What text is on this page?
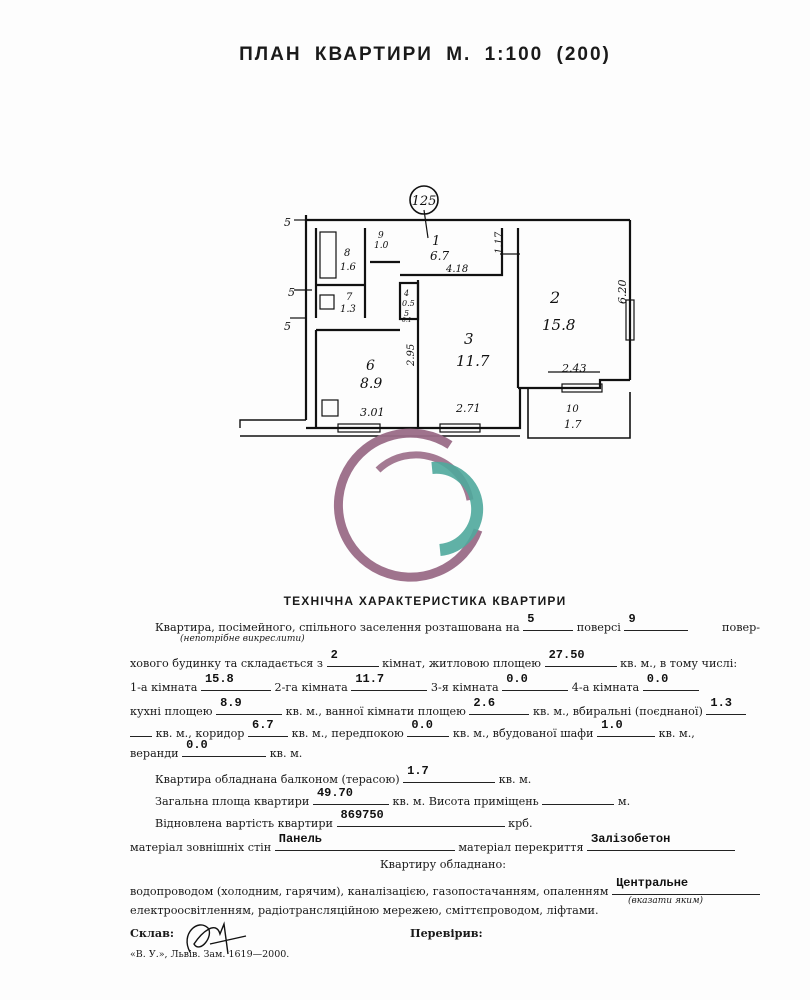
ПЛАН КВАРТИРИ М. 1:100 (200)
125
1
6.7
2
15.8
3
11.7
6
8.9
7
1.3
8
1.6
9
1.0
10
1.7
4
0.5
5
0.1
4.18
1.17
6.20
2.43
2.95
3.01	2.71
5
5
5
ТЕХНІЧНА ХАРАКТЕРИСТИКА КВАРТИРИ
Квартира, посімейного, спільного заселення розташована на
5
поверсі
9
повер-
(непотрібне викреслити)
хового будинку та складається з
2
кімнат, житловою площею
27.50
кв. м., в тому числі:
1-а кімната
15.8
2-га кімната
11.7
3-я кімната
0.0
4-а кімната
0.0
кухні площею
8.9
кв. м., ванної кімнати площею
2.6
кв. м., вбиральні (поєднаної)
1.3
кв. м., коридор
6.7
кв. м., передпокою
0.0
кв. м., вбудованої шафи
1.0
кв. м.,
веранди
0.0
кв. м.
Квартира обладнана балконом (терасою)
1.7
кв. м.
Загальна площа квартири
49.70
кв. м. Висота приміщень	м.
Відновлена вартість квартири
869750
крб.
матеріал зовнішніх стін
Панель
матеріал перекриття
Залізобетон
Квартиру обладнано:
водопроводом (холодним, гарячим), каналізацією, газопостачанням, опаленням
Центральне
(вказати яким)
електроосвітленням, радіотрансляційною мережею, сміттєпроводом, ліфтами.
Склав:	Перевірив:
«В. У.», Львів. Зам. 1619—2000.
